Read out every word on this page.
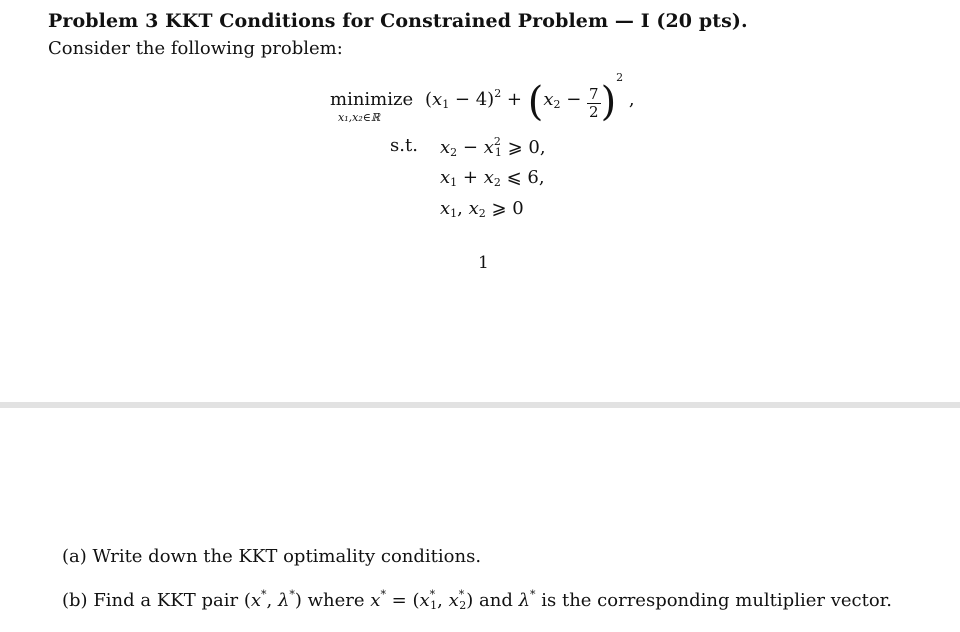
Problem 3 KKT Conditions for Constrained Problem — I (20 pts).
Consider the following problem:
minimize
x₁,x₂∈ℝ
$(x_1 - 4)^2 + (x_2 - \frac{7}{2} )^2$ ,
s.t. $x_2 - x^2_1$ ⩾ 0,
$x_1 + x_2$ ⩽ 6,
$x_1$, $x_2$ ⩾ 0
1
(a) Write down the KKT optimality conditions.
(b) Find a KKT pair (x*, λ*) where $x^* = (x^*_1$, $x^*_2$) and λ* is the corresponding multiplier vector.
